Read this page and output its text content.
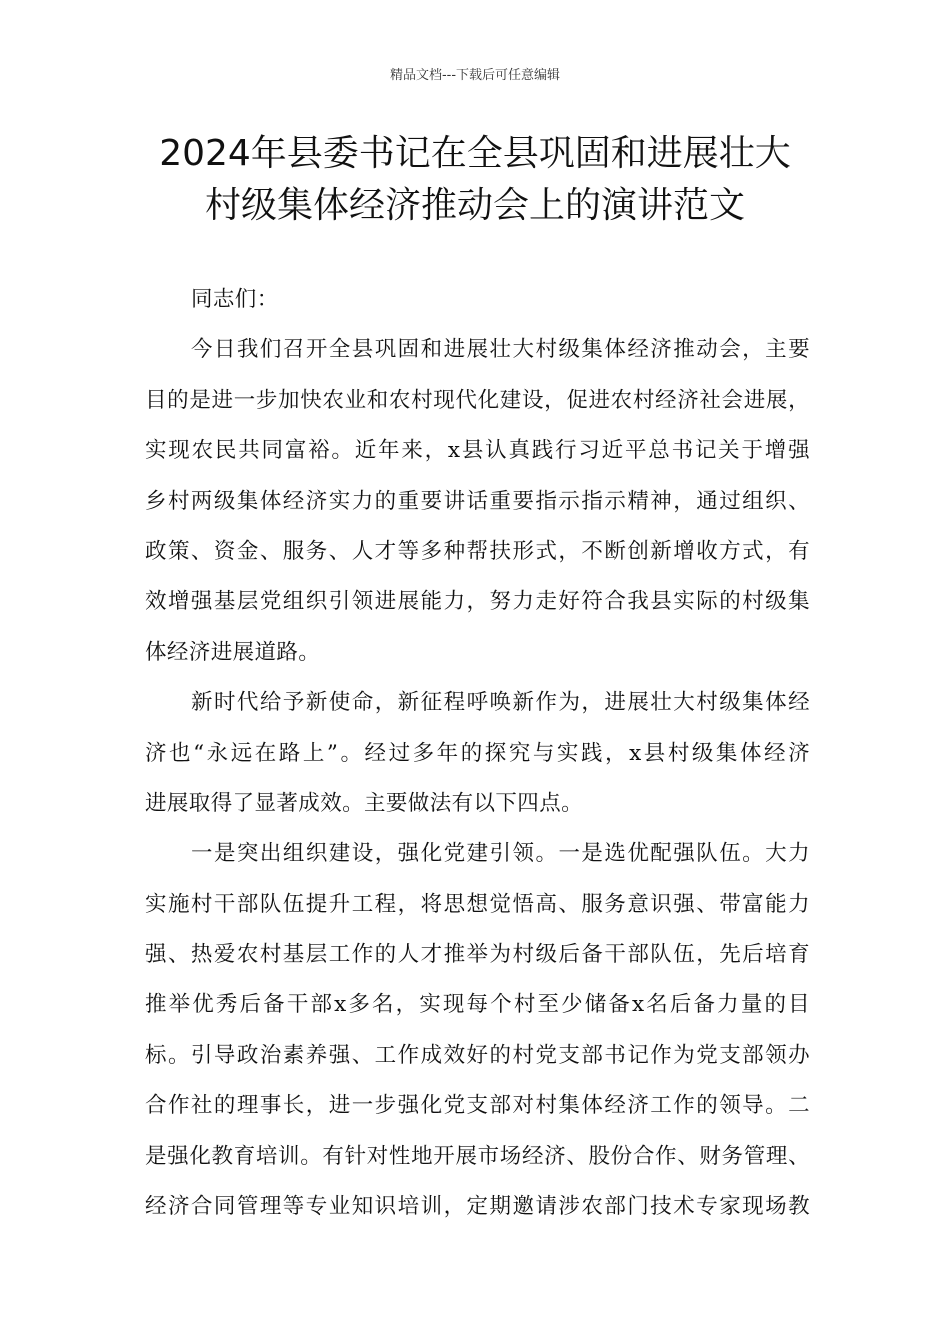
精品文档---下载后可任意编辑
2024年县委书记在全县巩固和进展壮大
村级集体经济推动会上的演讲范文
同志们：
今日我们召开全县巩固和进展壮大村级集体经济推动会，主要
目的是进一步加快农业和农村现代化建设，促进农村经济社会进展，
实现农民共同富裕。近年来，x县认真践行习近平总书记关于增强
乡村两级集体经济实力的重要讲话重要指示指示精神，通过组织、
政策、资金、服务、人才等多种帮扶形式，不断创新增收方式，有
效增强基层党组织引领进展能力，努力走好符合我县实际的村级集
体经济进展道路。
新时代给予新使命，新征程呼唤新作为，进展壮大村级集体经
济也“永远在路上”。经过多年的探究与实践，x县村级集体经济
进展取得了显著成效。主要做法有以下四点。
一是突出组织建设，强化党建引领。一是选优配强队伍。大力
实施村干部队伍提升工程，将思想觉悟高、服务意识强、带富能力
强、热爱农村基层工作的人才推举为村级后备干部队伍，先后培育
推举优秀后备干部x多名，实现每个村至少储备x名后备力量的目
标。引导政治素养强、工作成效好的村党支部书记作为党支部领办
合作社的理事长，进一步强化党支部对村集体经济工作的领导。二
是强化教育培训。有针对性地开展市场经济、股份合作、财务管理、
经济合同管理等专业知识培训，定期邀请涉农部门技术专家现场教
